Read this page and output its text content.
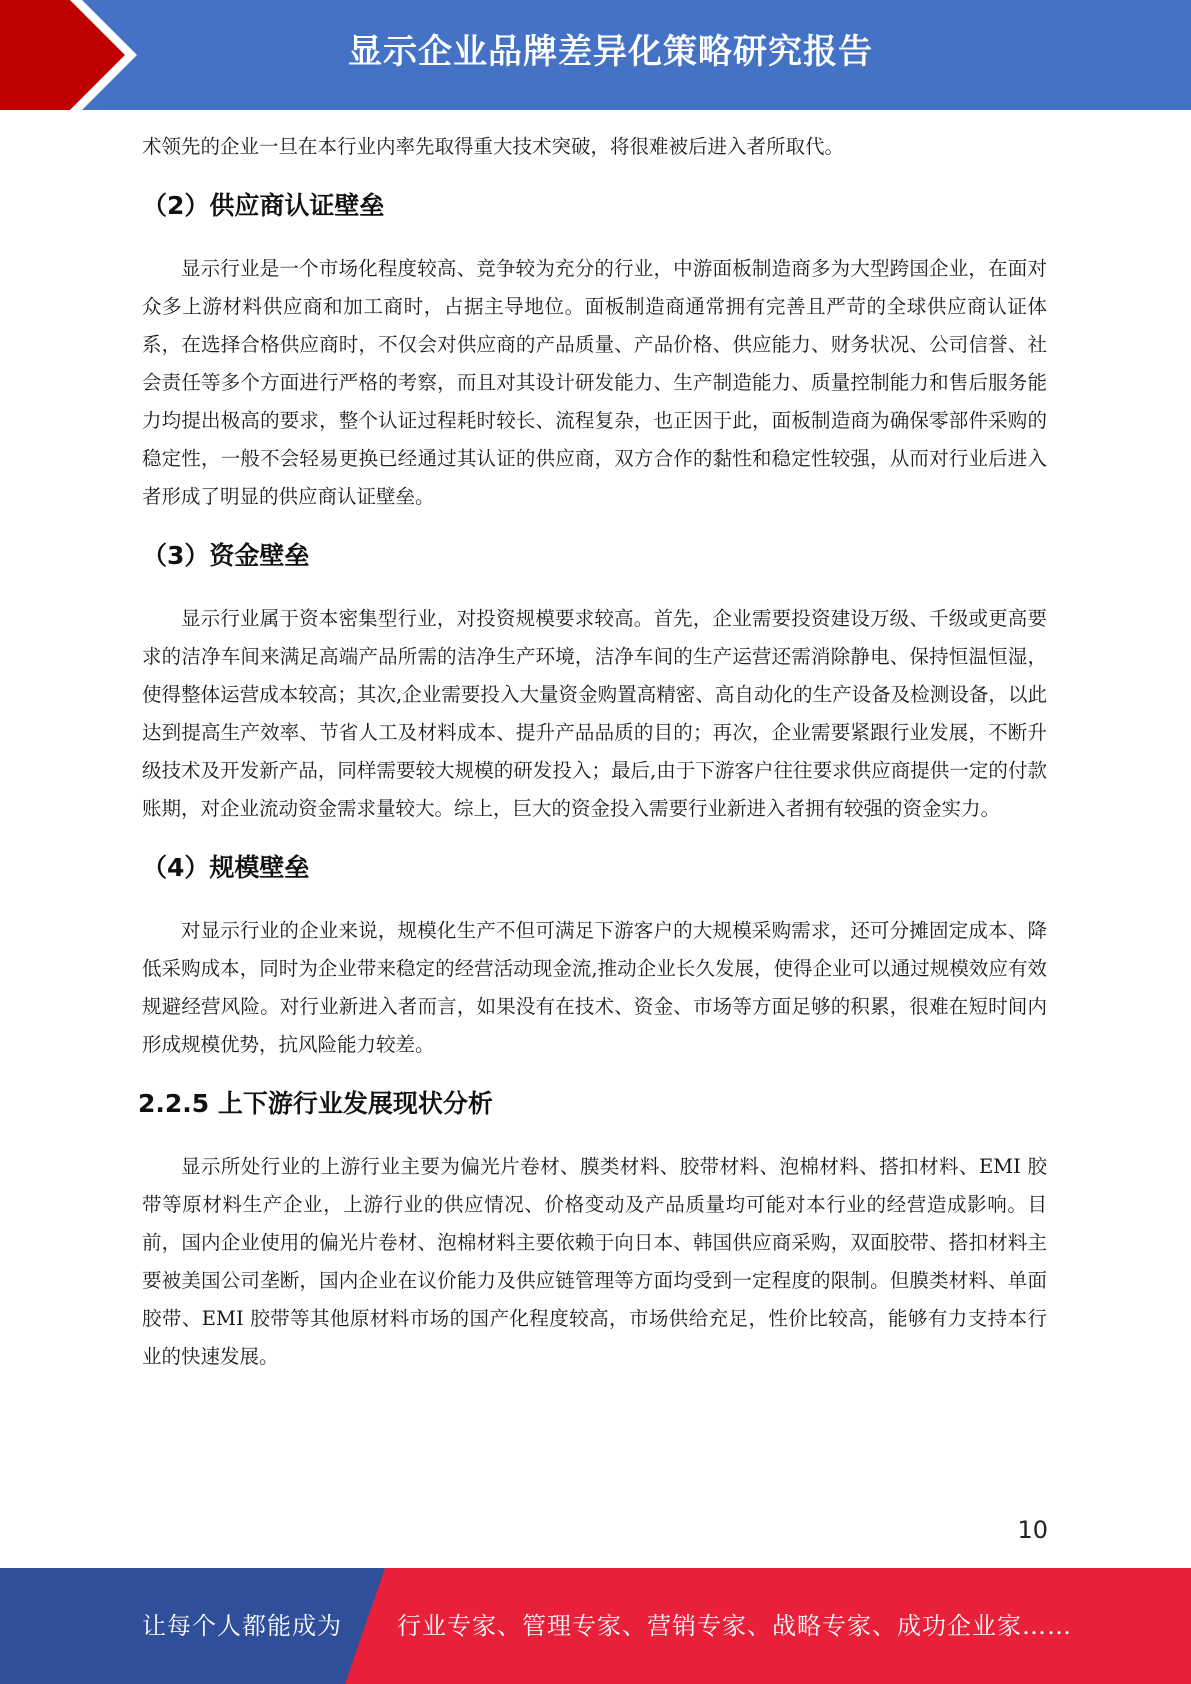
显示企业品牌差异化策略研究报告

术领先的企业一旦在本行业内率先取得重大技术突破，将很难被后进入者所取代。

（2）供应商认证壁垒

显示行业是一个市场化程度较高、竞争较为充分的行业，中游面板制造商多为大型跨国企业，在面对众多上游材料供应商和加工商时，占据主导地位。面板制造商通常拥有完善且严苛的全球供应商认证体系，在选择合格供应商时，不仅会对供应商的产品质量、产品价格、供应能力、财务状况、公司信誉、社会责任等多个方面进行严格的考察，而且对其设计研发能力、生产制造能力、质量控制能力和售后服务能力均提出极高的要求，整个认证过程耗时较长、流程复杂，也正因于此，面板制造商为确保零部件采购的稳定性，一般不会轻易更换已经通过其认证的供应商，双方合作的黏性和稳定性较强，从而对行业后进入者形成了明显的供应商认证壁垒。

（3）资金壁垒

显示行业属于资本密集型行业，对投资规模要求较高。首先，企业需要投资建设万级、千级或更高要求的洁净车间来满足高端产品所需的洁净生产环境，洁净车间的生产运营还需消除静电、保持恒温恒湿，使得整体运营成本较高；其次,企业需要投入大量资金购置高精密、高自动化的生产设备及检测设备，以此达到提高生产效率、节省人工及材料成本、提升产品品质的目的；再次，企业需要紧跟行业发展，不断升级技术及开发新产品，同样需要较大规模的研发投入；最后,由于下游客户往往要求供应商提供一定的付款账期，对企业流动资金需求量较大。综上，巨大的资金投入需要行业新进入者拥有较强的资金实力。

（4）规模壁垒

对显示行业的企业来说，规模化生产不但可满足下游客户的大规模采购需求，还可分摊固定成本、降低采购成本，同时为企业带来稳定的经营活动现金流,推动企业长久发展，使得企业可以通过规模效应有效规避经营风险。对行业新进入者而言，如果没有在技术、资金、市场等方面足够的积累，很难在短时间内形成规模优势，抗风险能力较差。

2.2.5 上下游行业发展现状分析

显示所处行业的上游行业主要为偏光片卷材、膜类材料、胶带材料、泡棉材料、搭扣材料、EMI 胶带等原材料生产企业，上游行业的供应情况、价格变动及产品质量均可能对本行业的经营造成影响。目前，国内企业使用的偏光片卷材、泡棉材料主要依赖于向日本、韩国供应商采购，双面胶带、搭扣材料主要被美国公司垄断，国内企业在议价能力及供应链管理等方面均受到一定程度的限制。但膜类材料、单面胶带、EMI 胶带等其他原材料市场的国产化程度较高，市场供给充足，性价比较高，能够有力支持本行业的快速发展。

10
让每个人都能成为 行业专家、管理专家、营销专家、战略专家、成功企业家……
